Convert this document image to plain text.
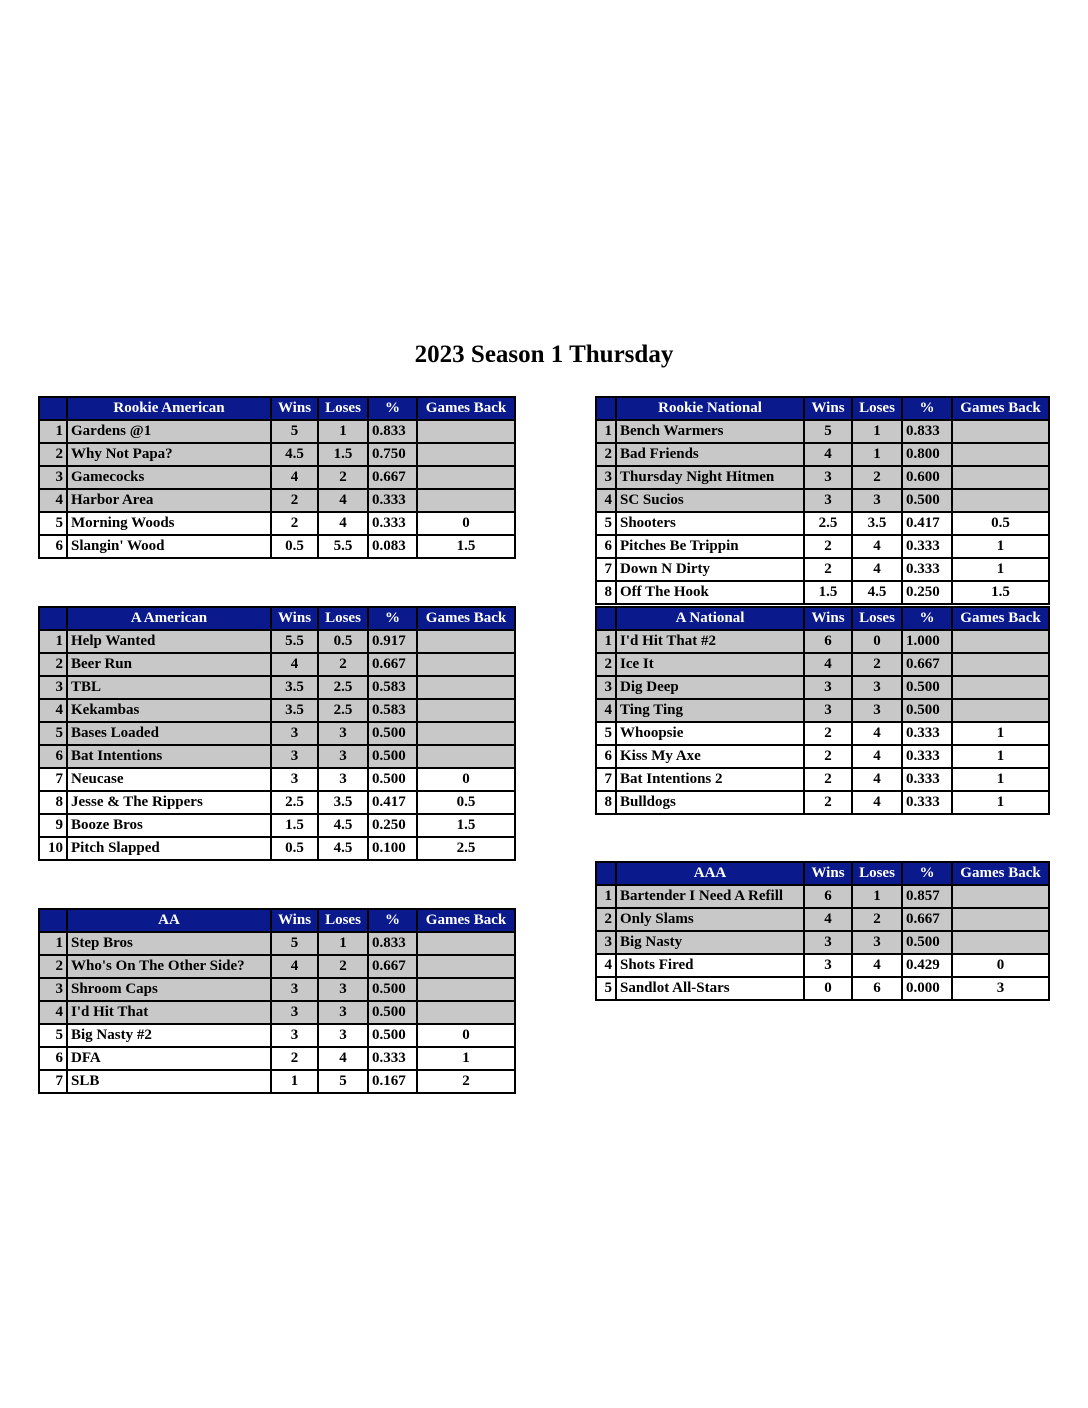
2023 Season 1 Thursday
	Rookie American	Wins	Loses	%	Games Back
1	Gardens @1	5	1	0.833	
2	Why Not Papa?	4.5	1.5	0.750	
3	Gamecocks	4	2	0.667	
4	Harbor Area	2	4	0.333	
5	Morning Woods	2	4	0.333	0
6	Slangin' Wood	0.5	5.5	0.083	1.5
	Rookie National	Wins	Loses	%	Games Back
1	Bench Warmers	5	1	0.833	
2	Bad Friends	4	1	0.800	
3	Thursday Night Hitmen	3	2	0.600	
4	SC Sucios	3	3	0.500	
5	Shooters	2.5	3.5	0.417	0.5
6	Pitches Be Trippin	2	4	0.333	1
7	Down N Dirty	2	4	0.333	1
8	Off The Hook	1.5	4.5	0.250	1.5
	A American	Wins	Loses	%	Games Back
1	Help Wanted	5.5	0.5	0.917	
2	Beer Run	4	2	0.667	
3	TBL	3.5	2.5	0.583	
4	Kekambas	3.5	2.5	0.583	
5	Bases Loaded	3	3	0.500	
6	Bat Intentions	3	3	0.500	
7	Neucase	3	3	0.500	0
8	Jesse & The Rippers	2.5	3.5	0.417	0.5
9	Booze Bros	1.5	4.5	0.250	1.5
10	Pitch Slapped	0.5	4.5	0.100	2.5
	A National	Wins	Loses	%	Games Back
1	I'd Hit That #2	6	0	1.000	
2	Ice It	4	2	0.667	
3	Dig Deep	3	3	0.500	
4	Ting Ting	3	3	0.500	
5	Whoopsie	2	4	0.333	1
6	Kiss My Axe	2	4	0.333	1
7	Bat Intentions 2	2	4	0.333	1
8	Bulldogs	2	4	0.333	1
	AA	Wins	Loses	%	Games Back
1	Step Bros	5	1	0.833	
2	Who's On The Other Side?	4	2	0.667	
3	Shroom Caps	3	3	0.500	
4	I'd Hit That	3	3	0.500	
5	Big Nasty #2	3	3	0.500	0
6	DFA	2	4	0.333	1
7	SLB	1	5	0.167	2
	AAA	Wins	Loses	%	Games Back
1	Bartender I Need A Refill	6	1	0.857	
2	Only Slams	4	2	0.667	
3	Big Nasty	3	3	0.500	
4	Shots Fired	3	4	0.429	0
5	Sandlot All-Stars	0	6	0.000	3
